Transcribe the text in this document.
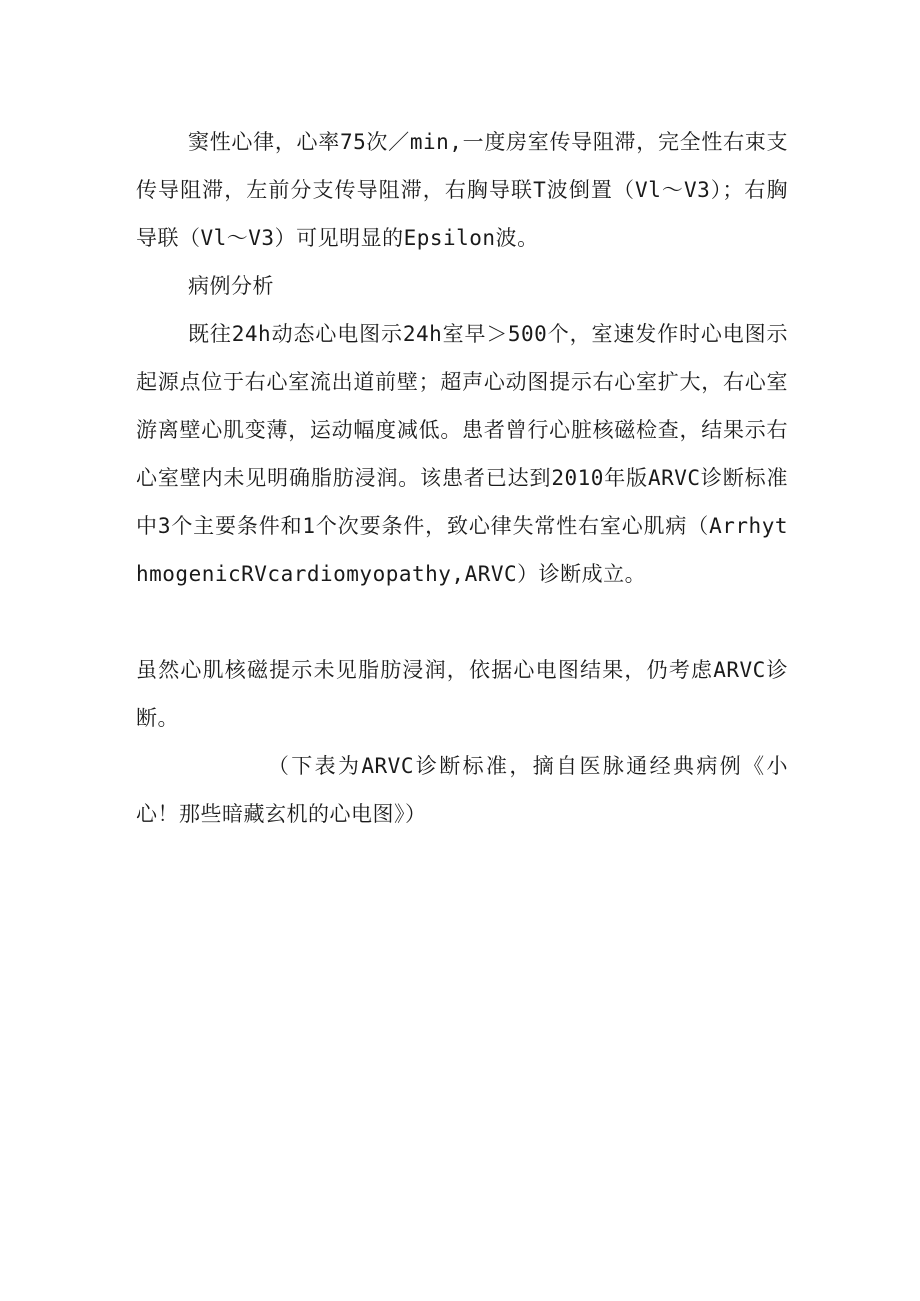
窦性心律，心率75次／min,一度房室传导阻滞，完全性右束支传导阻滞，左前分支传导阻滞，右胸导联T波倒置（Vl～V3）；右胸导联（Vl～V3）可见明显的Epsilon波。

病例分析

既往24h动态心电图示24h室早＞500个，室速发作时心电图示起源点位于右心室流出道前壁；超声心动图提示右心室扩大，右心室游离壁心肌变薄，运动幅度减低。患者曾行心脏核磁检查，结果示右心室壁内未见明确脂肪浸润。该患者已达到2010年版ARVC诊断标准中3个主要条件和1个次要条件，致心律失常性右室心肌病（ArrhythmogenicRVcardiomyopathy,ARVC）诊断成立。

虽然心肌核磁提示未见脂肪浸润，依据心电图结果，仍考虑ARVC诊断。

（下表为ARVC诊断标准，摘自医脉通经典病例《小心！那些暗藏玄机的心电图》）
